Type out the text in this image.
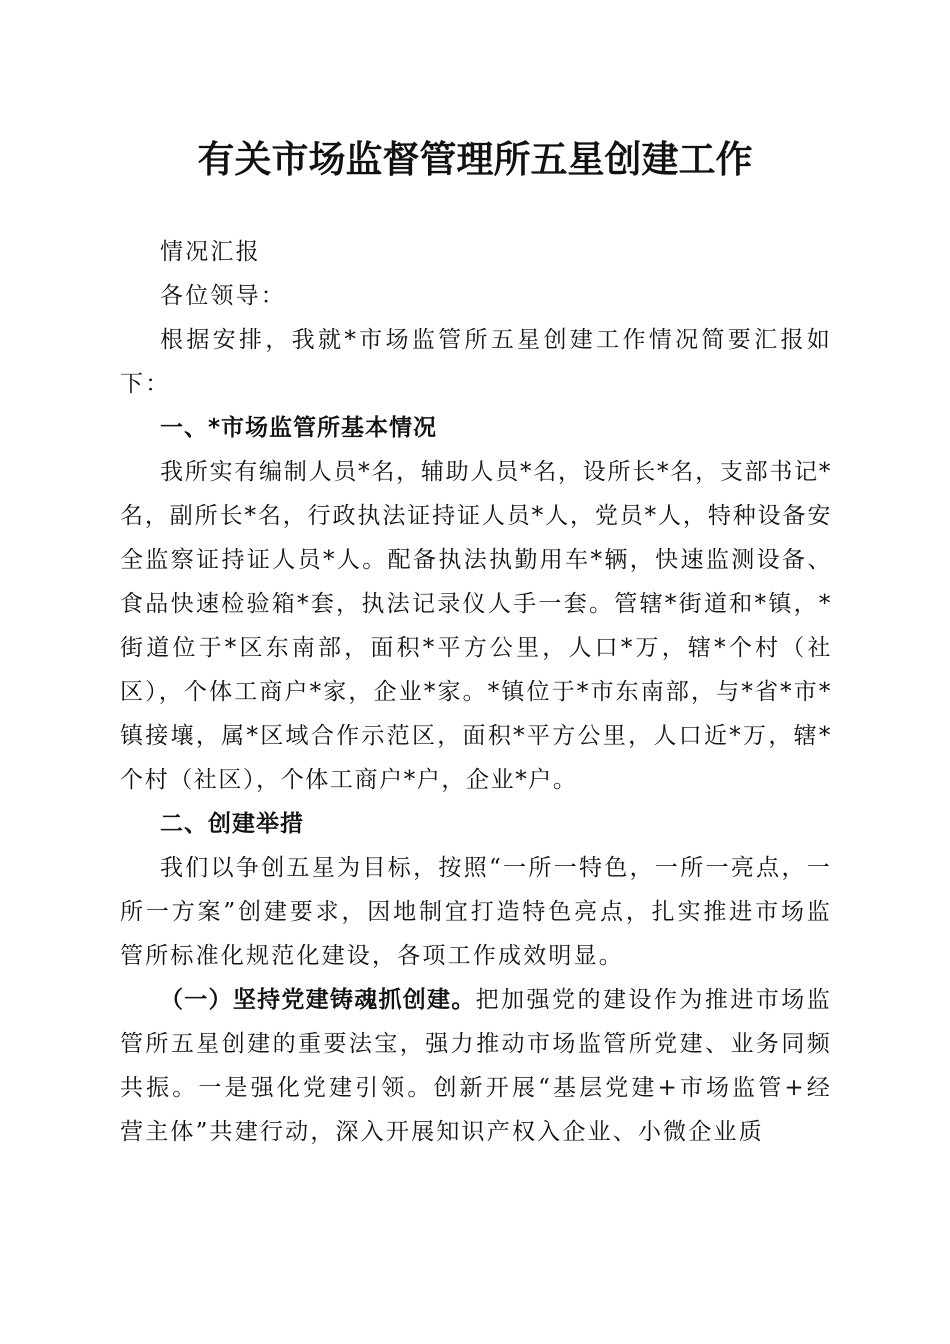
有关市场监督管理所五星创建工作

情况汇报

各位领导：

根据安排，我就*市场监管所五星创建工作情况简要汇报如下：

一、*市场监管所基本情况

我所实有编制人员*名，辅助人员*名，设所长*名，支部书记*名，副所长*名，行政执法证持证人员*人，党员*人，特种设备安全监察证持证人员*人。配备执法执勤用车*辆，快速监测设备、食品快速检验箱*套，执法记录仪人手一套。管辖*街道和*镇，*街道位于*区东南部，面积*平方公里，人口*万，辖*个村（社区），个体工商户*家，企业*家。*镇位于*市东南部，与*省*市*镇接壤，属*区域合作示范区，面积*平方公里，人口近*万，辖*个村（社区），个体工商户*户，企业*户。

二、创建举措

我们以争创五星为目标，按照“一所一特色，一所一亮点，一所一方案”创建要求，因地制宜打造特色亮点，扎实推进市场监管所标准化规范化建设，各项工作成效明显。

（一）坚持党建铸魂抓创建。把加强党的建设作为推进市场监管所五星创建的重要法宝，强力推动市场监管所党建、业务同频共振。一是强化党建引领。创新开展“基层党建+市场监管+经营主体”共建行动，深入开展知识产权入企业、小微企业质
